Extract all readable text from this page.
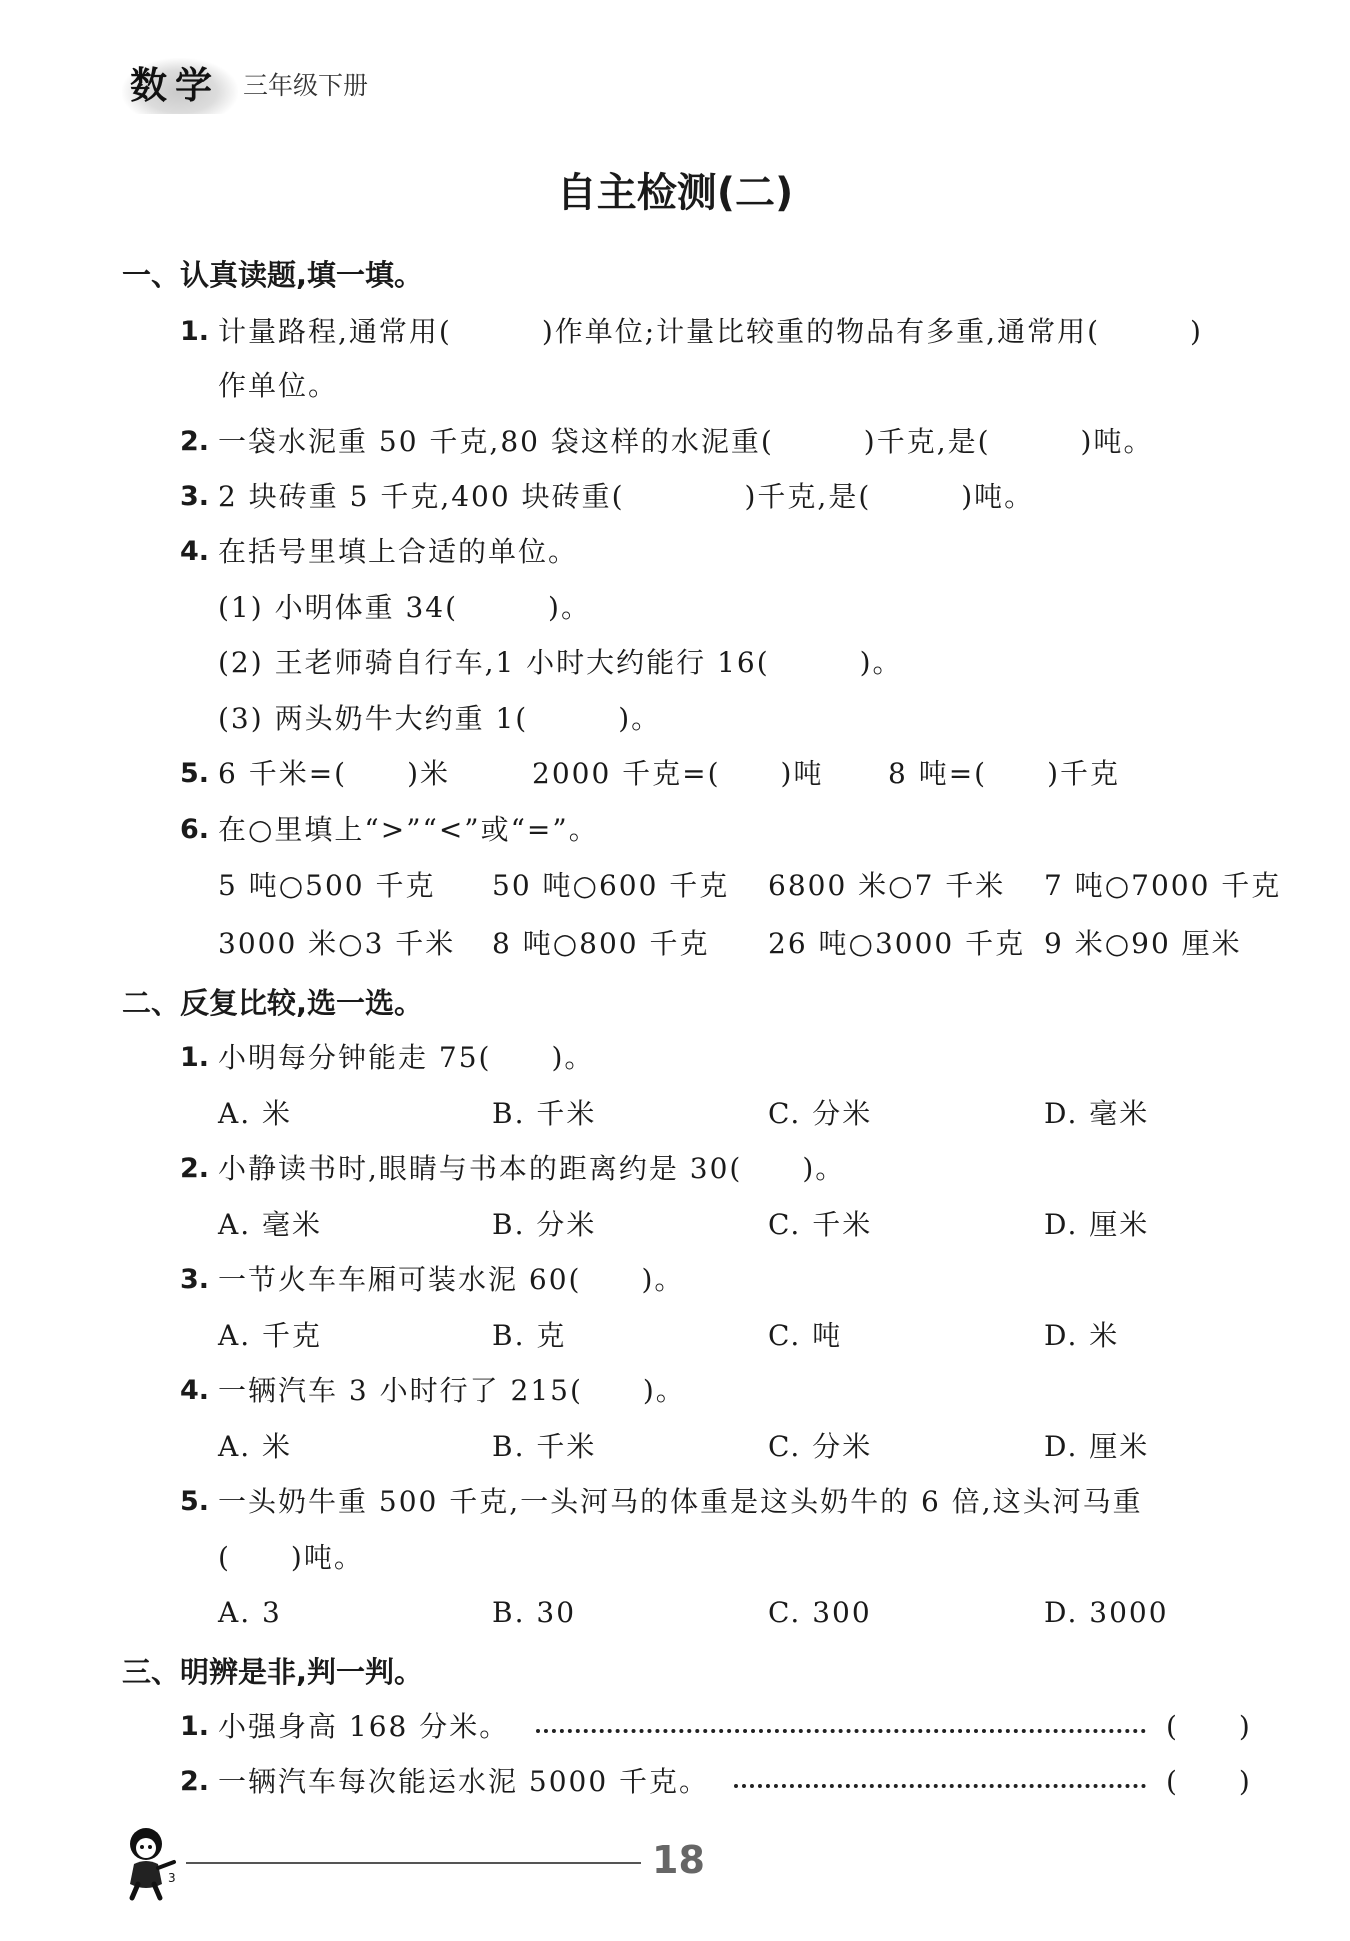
数学 三年级下册
自主检测(二)
一、认真读题,填一填。
1. 计量路程,通常用(　　　)作单位;计量比较重的物品有多重,通常用(　　　)
作单位。
2. 一袋水泥重 50 千克,80 袋这样的水泥重(　　　)千克,是(　　　)吨。
3. 2 块砖重 5 千克,400 块砖重(　　　　)千克,是(　　　)吨。
4. 在括号里填上合适的单位。
(1) 小明体重 34(　　　)。
(2) 王老师骑自行车,1 小时大约能行 16(　　　)。
(3) 两头奶牛大约重 1(　　　)。
5. 6 千米=(　　)米	2000 千克=(　　)吨 8 吨=(　　)千克
6. 在○里填上“>”“<”或“=”。
5 吨○500 千克 50 吨○600 千克 6800 米○7 千米 7 吨○7000 千克
3000 米○3 千米 8 吨○800 千克 26 吨○3000 千克 9 米○90 厘米
二、反复比较,选一选。
1. 小明每分钟能走 75(　　)。
A. 米	B. 千米	C. 分米	D. 毫米
2. 小静读书时,眼睛与书本的距离约是 30(　　)。
A. 毫米	B. 分米	C. 千米	D. 厘米
3. 一节火车车厢可装水泥 60(　　)。
A. 千克	B. 克	C. 吨	D. 米
4. 一辆汽车 3 小时行了 215(　　)。
A. 米	B. 千米	C. 分米	D. 厘米
5. 一头奶牛重 500 千克,一头河马的体重是这头奶牛的 6 倍,这头河马重
(　　)吨。
A. 3	B. 30	C. 300	D. 3000
三、明辨是非,判一判。
1. 小强身高 168 分米。	(　　)
2. 一辆汽车每次能运水泥 5000 千克。	(　　)
3	18
